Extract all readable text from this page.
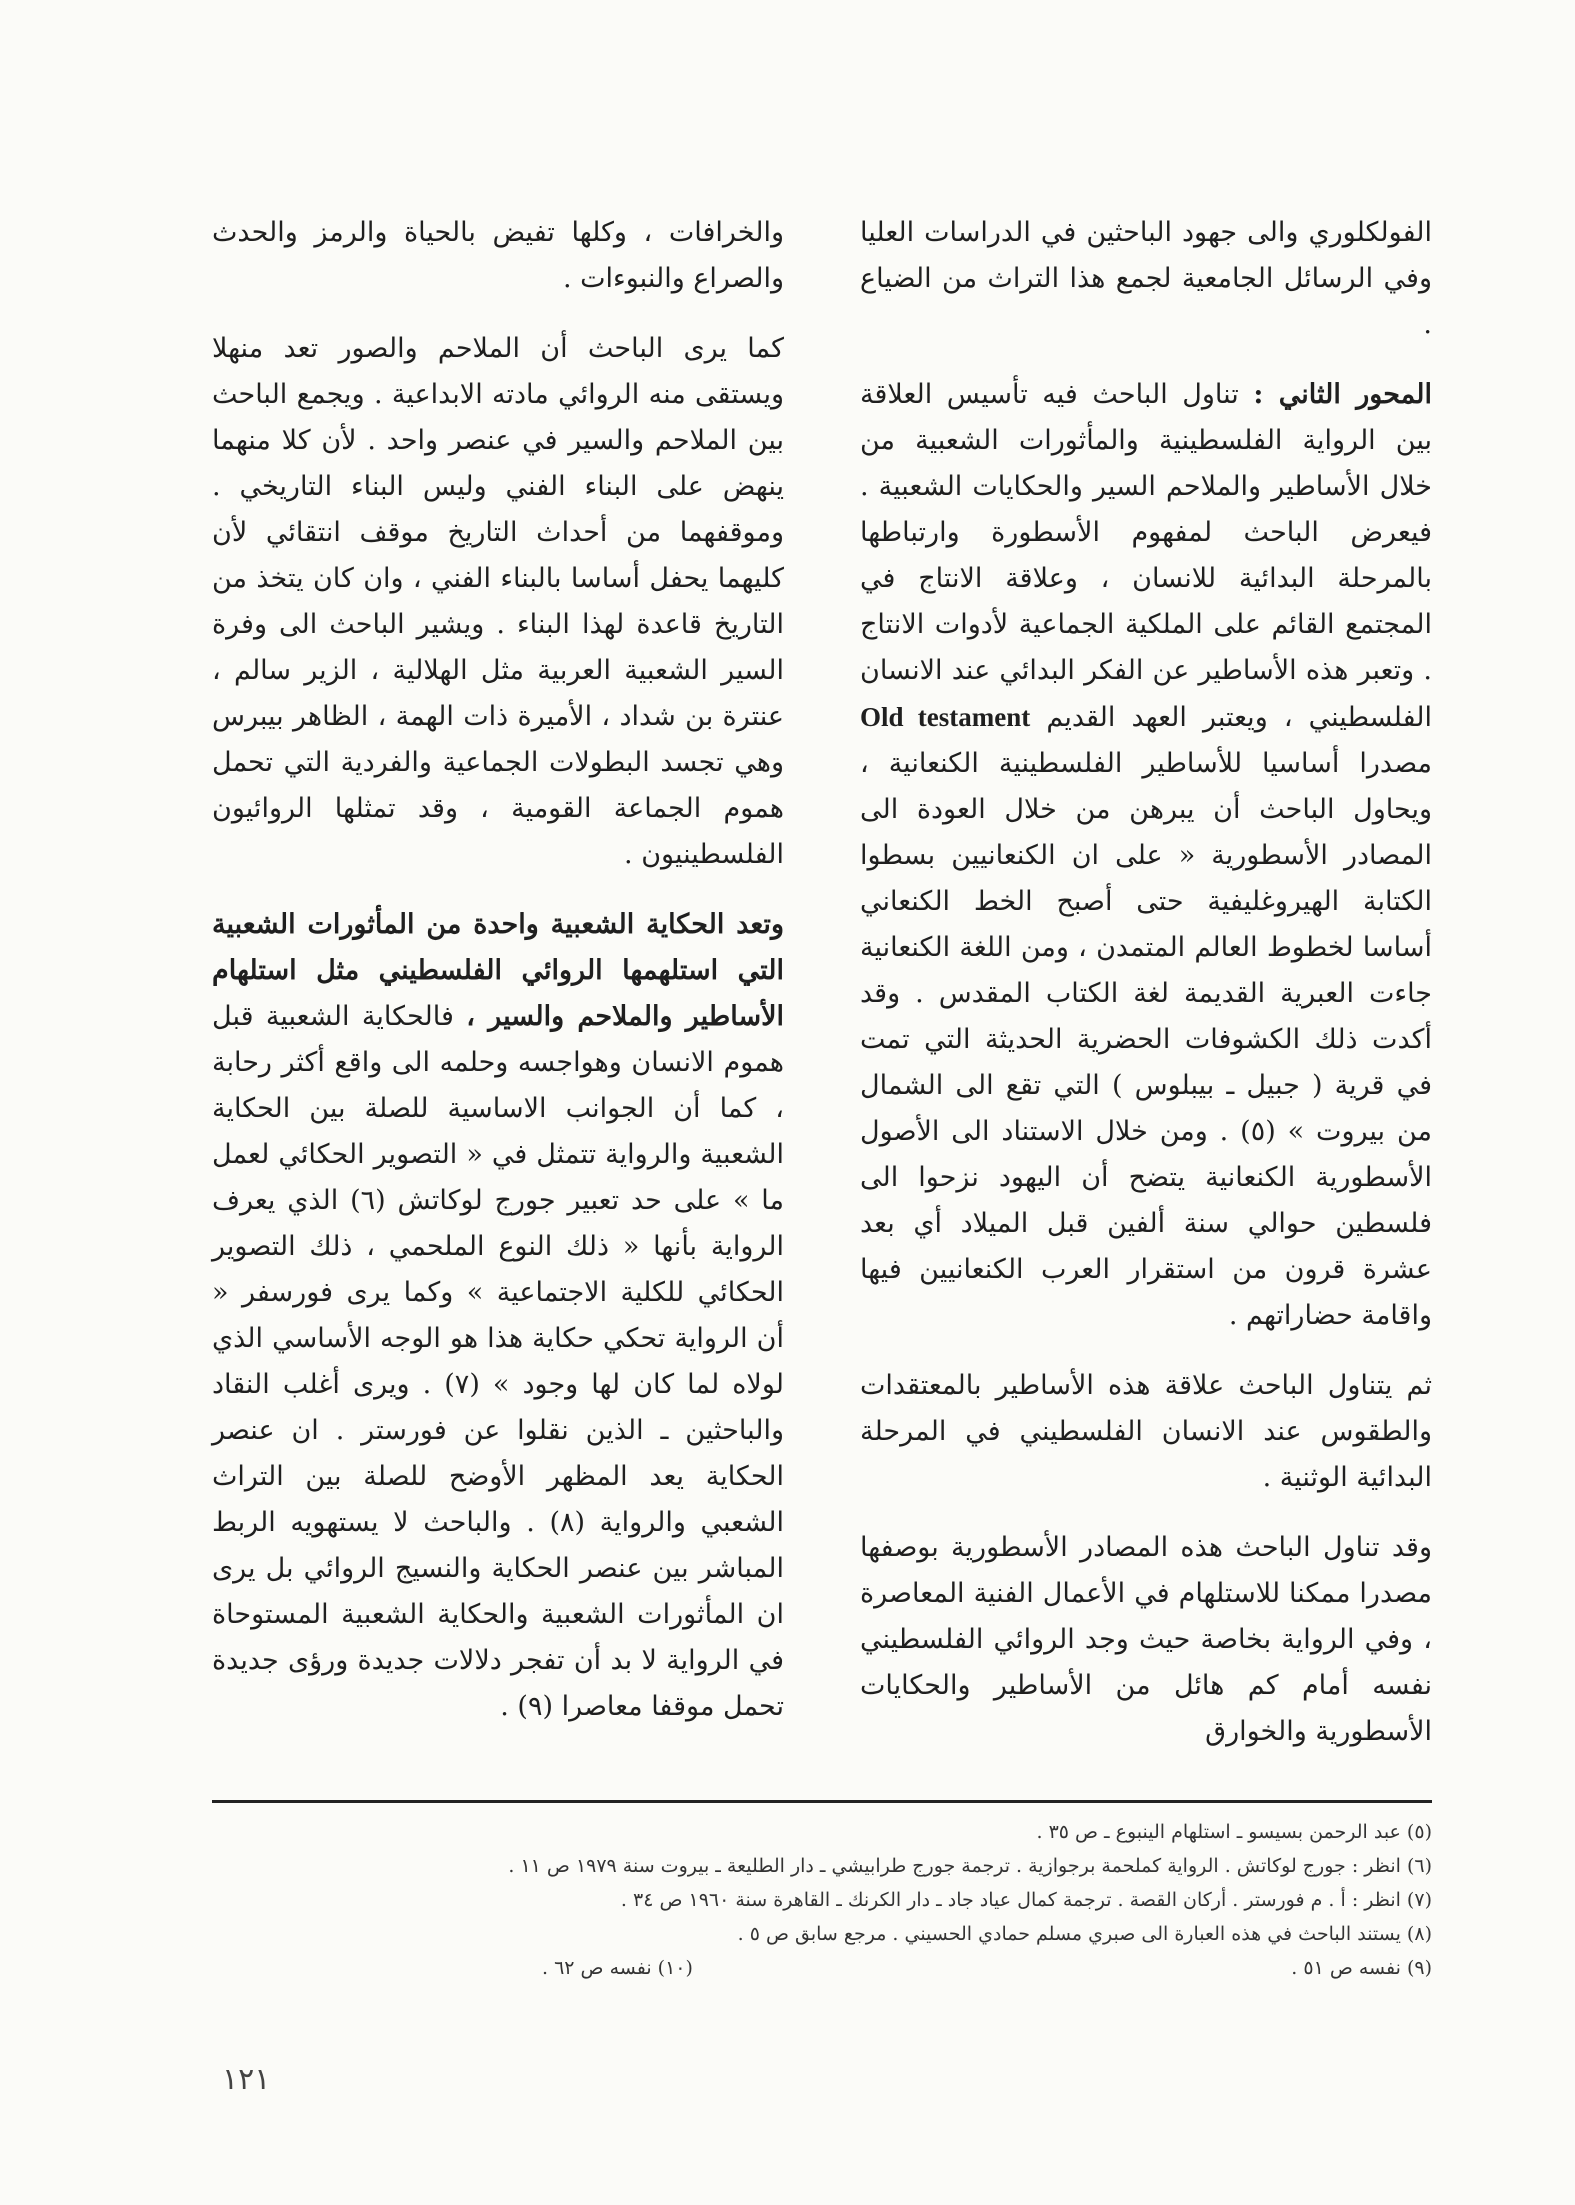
الفولكلوري والى جهود الباحثين في الدراسات العليا وفي الرسائل الجامعية لجمع هذا التراث من الضياع .

المحور الثاني : تناول الباحث فيه تأسيس العلاقة بين الرواية الفلسطينية والمأثورات الشعبية من خلال الأساطير والملاحم السير والحكايات الشعبية . فيعرض الباحث لمفهوم الأسطورة وارتباطها بالمرحلة البدائية للانسان ، وعلاقة الانتاج في المجتمع القائم على الملكية الجماعية لأدوات الانتاج . وتعبر هذه الأساطير عن الفكر البدائي عند الانسان الفلسطيني ، ويعتبر العهد القديم Old testament مصدرا أساسيا للأساطير الفلسطينية الكنعانية ، ويحاول الباحث أن يبرهن من خلال العودة الى المصادر الأسطورية « على ان الكنعانيين بسطوا الكتابة الهيروغليفية حتى أصبح الخط الكنعاني أساسا لخطوط العالم المتمدن ، ومن اللغة الكنعانية جاءت العبرية القديمة لغة الكتاب المقدس . وقد أكدت ذلك الكشوفات الحضرية الحديثة التي تمت في قرية ( جبيل ـ بيبلوس ) التي تقع الى الشمال من بيروت » (٥) . ومن خلال الاستناد الى الأصول الأسطورية الكنعانية يتضح أن اليهود نزحوا الى فلسطين حوالي سنة ألفين قبل الميلاد أي بعد عشرة قرون من استقرار العرب الكنعانيين فيها واقامة حضاراتهم .

ثم يتناول الباحث علاقة هذه الأساطير بالمعتقدات والطقوس عند الانسان الفلسطيني في المرحلة البدائية الوثنية .

وقد تناول الباحث هذه المصادر الأسطورية بوصفها مصدرا ممكنا للاستلهام في الأعمال الفنية المعاصرة ، وفي الرواية بخاصة حيث وجد الروائي الفلسطيني نفسه أمام كم هائل من الأساطير والحكايات الأسطورية والخوارق

والخرافات ، وكلها تفيض بالحياة والرمز والحدث والصراع والنبوءات .

كما يرى الباحث أن الملاحم والصور تعد منهلا ويستقى منه الروائي مادته الابداعية . ويجمع الباحث بين الملاحم والسير في عنصر واحد . لأن كلا منهما ينهض على البناء الفني وليس البناء التاريخي . وموقفهما من أحداث التاريخ موقف انتقائي لأن كليهما يحفل أساسا بالبناء الفني ، وان كان يتخذ من التاريخ قاعدة لهذا البناء . ويشير الباحث الى وفرة السير الشعبية العربية مثل الهلالية ، الزير سالم ، عنترة بن شداد ، الأميرة ذات الهمة ، الظاهر بيبرس وهي تجسد البطولات الجماعية والفردية التي تحمل هموم الجماعة القومية ، وقد تمثلها الروائيون الفلسطينيون .

وتعد الحكاية الشعبية واحدة من المأثورات الشعبية التي استلهمها الروائي الفلسطيني مثل استلهام الأساطير والملاحم والسير ، فالحكاية الشعبية قبل هموم الانسان وهواجسه وحلمه الى واقع أكثر رحابة ، كما أن الجوانب الاساسية للصلة بين الحكاية الشعبية والرواية تتمثل في « التصوير الحكائي لعمل ما » على حد تعبير جورج لوكاتش (٦) الذي يعرف الرواية بأنها « ذلك النوع الملحمي ، ذلك التصوير الحكائي للكلية الاجتماعية » وكما يرى فورسفر « أن الرواية تحكي حكاية هذا هو الوجه الأساسي الذي لولاه لما كان لها وجود » (٧) . ويرى أغلب النقاد والباحثين ـ الذين نقلوا عن فورستر . ان عنصر الحكاية يعد المظهر الأوضح للصلة بين التراث الشعبي والرواية (٨) . والباحث لا يستهويه الربط المباشر بين عنصر الحكاية والنسيج الروائي بل يرى ان المأثورات الشعبية والحكاية الشعبية المستوحاة في الرواية لا بد أن تفجر دلالات جديدة ورؤى جديدة تحمل موقفا معاصرا (٩) .

(٥) عبد الرحمن بسيسو ـ استلهام الينبوع ـ ص ٣٥ .
(٦) انظر : جورج لوكاتش . الرواية كملحمة برجوازية . ترجمة جورج طرابيشي ـ دار الطليعة ـ بيروت سنة ١٩٧٩ ص ١١ .
(٧) انظر : أ . م فورستر . أركان القصة . ترجمة كمال عياد جاد ـ دار الكرنك ـ القاهرة سنة ١٩٦٠ ص ٣٤ .
(٨) يستند الباحث في هذه العبارة الى صبري مسلم حمادي الحسيني . مرجع سابق ص ٥ .
(٩) نفسه ص ٥١ .
(١٠) نفسه ص ٦٢ .
١٢١
